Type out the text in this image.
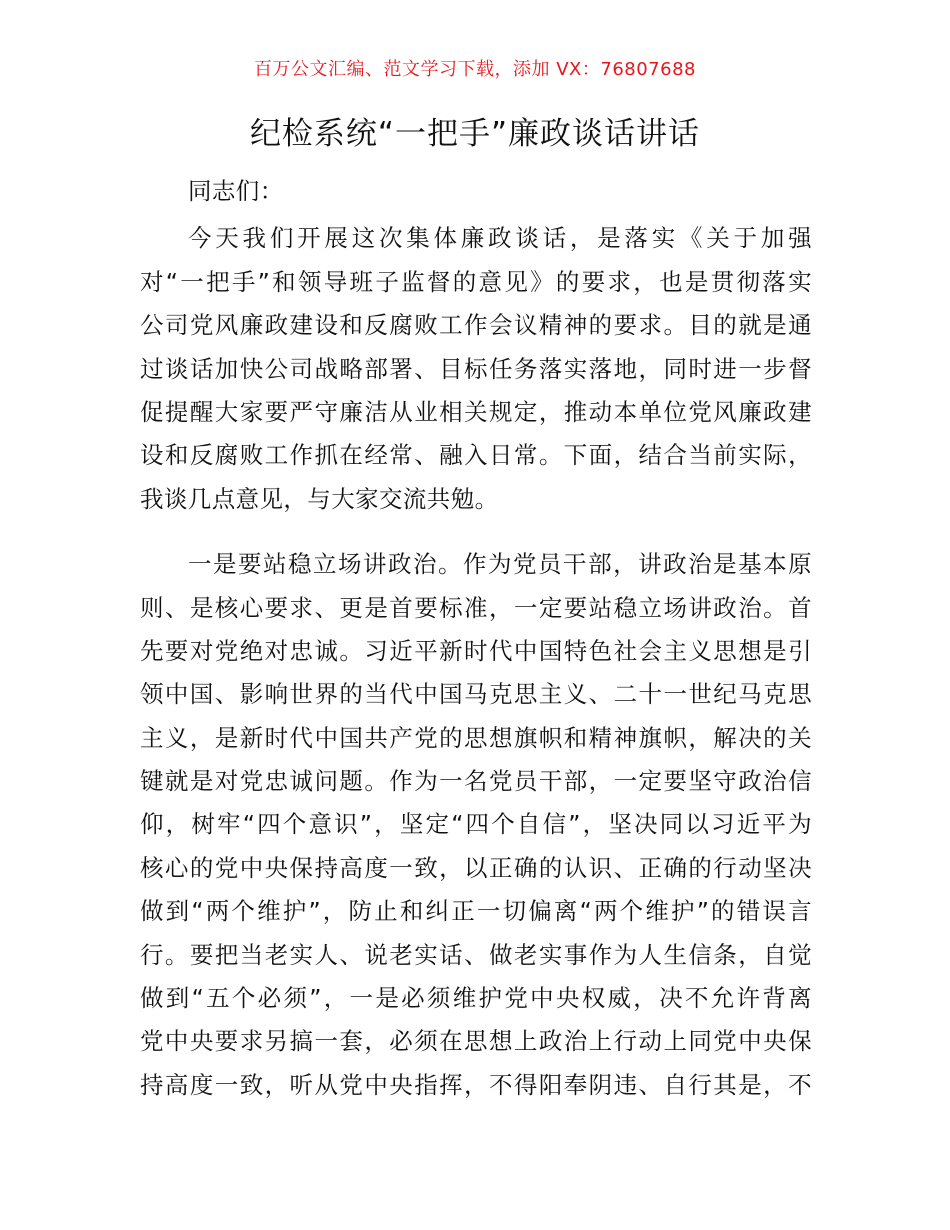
百万公文汇编、范文学习下载，添加 VX：76807688
纪检系统“一把手”廉政谈话讲话
同志们：
今天我们开展这次集体廉政谈话，是落实《关于加强
对“一把手”和领导班子监督的意见》的要求，也是贯彻落实
公司党风廉政建设和反腐败工作会议精神的要求。目的就是通
过谈话加快公司战略部署、目标任务落实落地，同时进一步督
促提醒大家要严守廉洁从业相关规定，推动本单位党风廉政建
设和反腐败工作抓在经常、融入日常。下面，结合当前实际，
我谈几点意见，与大家交流共勉。
一是要站稳立场讲政治。作为党员干部，讲政治是基本原
则、是核心要求、更是首要标准，一定要站稳立场讲政治。首
先要对党绝对忠诚。习近平新时代中国特色社会主义思想是引
领中国、影响世界的当代中国马克思主义、二十一世纪马克思
主义，是新时代中国共产党的思想旗帜和精神旗帜，解决的关
键就是对党忠诚问题。作为一名党员干部，一定要坚守政治信
仰，树牢“四个意识”，坚定“四个自信”，坚决同以习近平为
核心的党中央保持高度一致，以正确的认识、正确的行动坚决
做到“两个维护”，防止和纠正一切偏离“两个维护”的错误言
行。要把当老实人、说老实话、做老实事作为人生信条，自觉
做到“五个必须”，一是必须维护党中央权威，决不允许背离
党中央要求另搞一套，必须在思想上政治上行动上同党中央保
持高度一致，听从党中央指挥，不得阳奉阴违、自行其是，不
